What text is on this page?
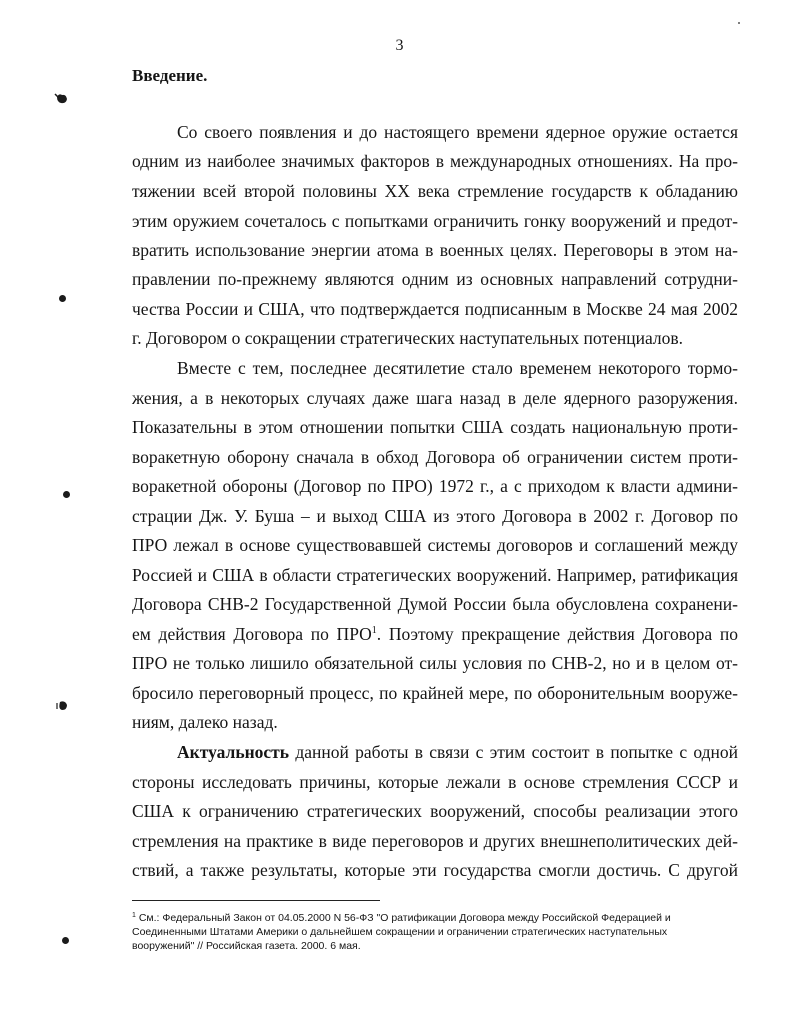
3
Введение.
Со своего появления и до настоящего времени ядерное оружие остается
одним из наиболее значимых факторов в международных отношениях. На про-
тяжении всей второй половины XX века стремление государств к обладанию
этим оружием сочеталось с попытками ограничить гонку вооружений и предот-
вратить использование энергии атома в военных целях. Переговоры в этом на-
правлении по-прежнему являются одним из основных направлений сотрудни-
чества России и США, что подтверждается подписанным в Москве 24 мая 2002
г. Договором о сокращении стратегических наступательных потенциалов.
Вместе с тем, последнее десятилетие стало временем некоторого тормо-
жения, а в некоторых случаях даже шага назад в деле ядерного разоружения.
Показательны в этом отношении попытки США создать национальную проти-
воракетную оборону сначала в обход Договора об ограничении систем проти-
воракетной обороны (Договор по ПРО) 1972 г., а с приходом к власти админи-
страции Дж. У. Буша – и выход США из этого Договора в 2002 г. Договор по
ПРО лежал в основе существовавшей системы договоров и соглашений между
Россией и США в области стратегических вооружений. Например, ратификация
Договора СНВ-2 Государственной Думой России была обусловлена сохранени-
ем действия Договора по ПРО$^1$. Поэтому прекращение действия Договора по
ПРО не только лишило обязательной силы условия по СНВ-2, но и в целом от-
бросило переговорный процесс, по крайней мере, по оборонительным вооруже-
ниям, далеко назад.
Актуальность данной работы в связи с этим состоит в попытке с одной
стороны исследовать причины, которые лежали в основе стремления СССР и
США к ограничению стратегических вооружений, способы реализации этого
стремления на практике в виде переговоров и других внешнеполитических дей-
ствий, а также результаты, которые эти государства смогли достичь. С другой
$^1$ См.: Федеральный Закон от 04.05.2000 N 56-ФЗ "О ратификации Договора между Российской Федерацией и
Соединенными Штатами Америки о дальнейшем сокращении и ограничении стратегических наступательных
вооружений" // Российская газета. 2000. 6 мая.
